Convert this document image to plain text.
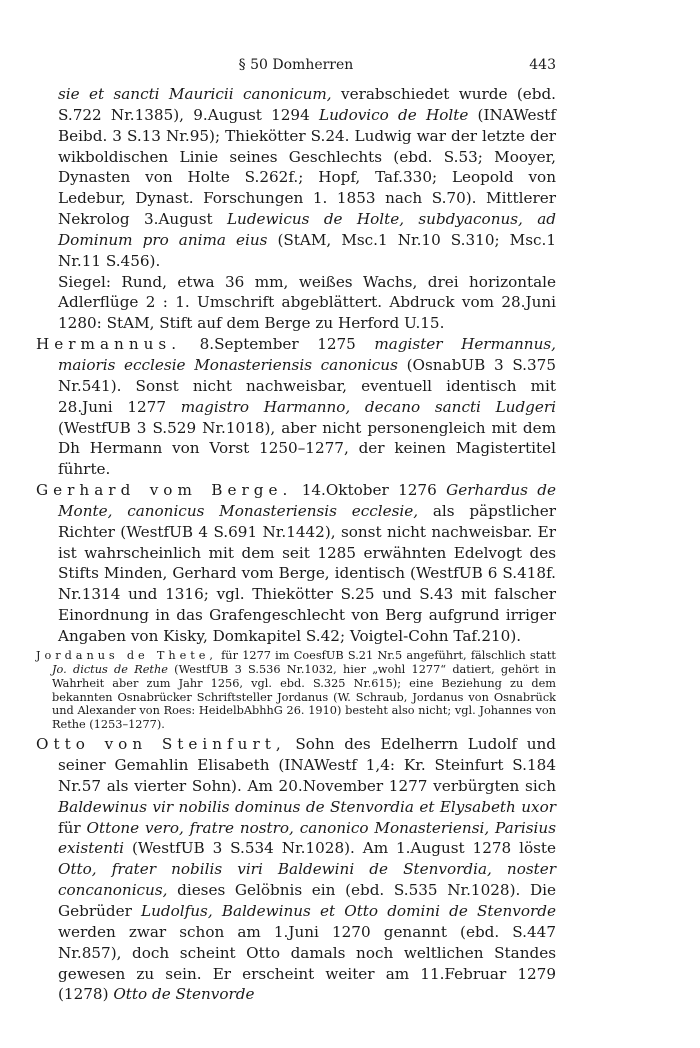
§ 50 Domherren	443

sie et sancti Mauricii canonicum, verabschiedet wurde (ebd. S.722 Nr.1385), 9.August 1294 Ludovico de Holte (INAWestf Beibd. 3 S.13 Nr.95); Thiekötter S.24. Ludwig war der letzte der wikboldischen Linie seines Geschlechts (ebd. S.53; Mooyer, Dynasten von Holte S.262f.; Hopf, Taf.330; Leopold von Ledebur, Dynast. Forschungen 1. 1853 nach S.70). Mittlerer Nekrolog 3.August Ludewicus de Holte, subdyaconus, ad Dominum pro anima eius (StAM, Msc.1 Nr.10 S.310; Msc.1 Nr.11 S.456).

Siegel: Rund, etwa 36 mm, weißes Wachs, drei horizontale Adlerflüge 2 : 1. Umschrift abgeblättert. Abdruck vom 28.Juni 1280: StAM, Stift auf dem Berge zu Herford U.15.

Hermannus. 8.September 1275 magister Hermannus, maioris ecclesie Monasteriensis canonicus (OsnabUB 3 S.375 Nr.541). Sonst nicht nachweisbar, eventuell identisch mit 28.Juni 1277 magistro Harmanno, decano sancti Ludgeri (WestfUB 3 S.529 Nr.1018), aber nicht personengleich mit dem Dh Hermann von Vorst 1250–1277, der keinen Magistertitel führte.

Gerhard vom Berge. 14.Oktober 1276 Gerhardus de Monte, canonicus Monasteriensis ecclesie, als päpstlicher Richter (WestfUB 4 S.691 Nr.1442), sonst nicht nachweisbar. Er ist wahrscheinlich mit dem seit 1285 erwähnten Edelvogt des Stifts Minden, Gerhard vom Berge, identisch (WestfUB 6 S.418f. Nr.1314 und 1316; vgl. Thiekötter S.25 und S.43 mit falscher Einordnung in das Grafengeschlecht von Berg aufgrund irriger Angaben von Kisky, Domkapitel S.42; Voigtel-Cohn Taf.210).

Jordanus de Thete, für 1277 im CoesfUB S.21 Nr.5 angeführt, fälschlich statt Jo. dictus de Rethe (WestfUB 3 S.536 Nr.1032, hier „wohl 1277“ datiert, gehört in Wahrheit aber zum Jahr 1256, vgl. ebd. S.325 Nr.615); eine Beziehung zu dem bekannten Osnabrücker Schriftsteller Jordanus (W. Schraub, Jordanus von Osnabrück und Alexander von Roes: HeidelbAbhhG 26. 1910) besteht also nicht; vgl. Johannes von Rethe (1253–1277).

Otto von Steinfurt, Sohn des Edelherrn Ludolf und seiner Gemahlin Elisabeth (INAWestf 1,4: Kr. Steinfurt S.184 Nr.57 als vierter Sohn). Am 20.November 1277 verbürgten sich Baldewinus vir nobilis dominus de Stenvordia et Elysabeth uxor für Ottone vero, fratre nostro, canonico Monasteriensi, Parisius existenti (WestfUB 3 S.534 Nr.1028). Am 1.August 1278 löste Otto, frater nobilis viri Baldewini de Stenvordia, noster concanonicus, dieses Gelöbnis ein (ebd. S.535 Nr.1028). Die Gebrüder Ludolfus, Baldewinus et Otto domini de Stenvorde werden zwar schon am 1.Juni 1270 genannt (ebd. S.447 Nr.857), doch scheint Otto damals noch weltlichen Standes gewesen zu sein. Er erscheint weiter am 11.Februar 1279 (1278) Otto de Stenvorde
